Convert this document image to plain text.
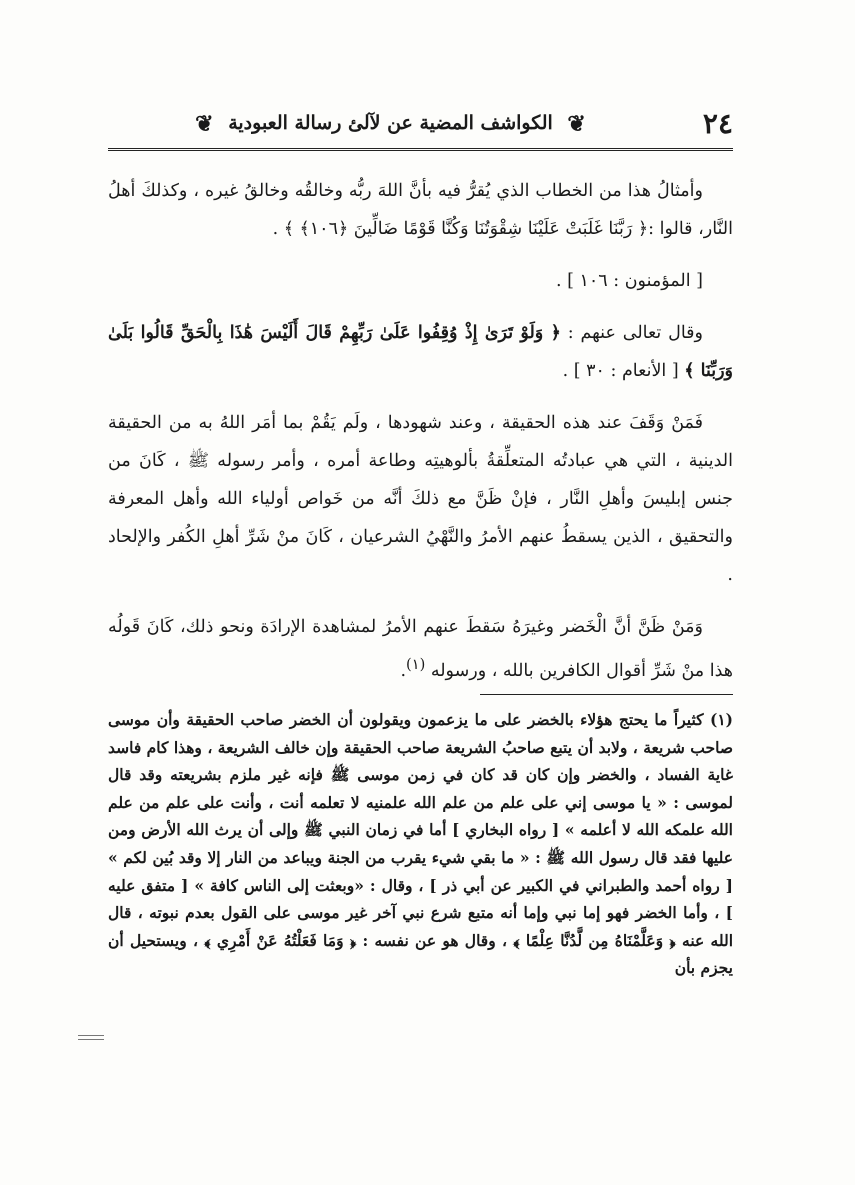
٢٤
❦ الكواشف المضية عن لآلئ رسالة العبودية ❦

وأمثالُ هذا من الخطاب الذي يُقرُّ فيه بأنَّ اللهَ ربُّه وخالقُه وخالقُ غيره ، وكذلكَ أهلُ النَّار، قالوا :﴿ رَبَّنَا غَلَبَتْ عَلَيْنَا شِقْوَتُنَا وَكُنَّا قَوْمًا ضَالِّينَ ﴿١٠٦﴾ ﴾ .

[ المؤمنون : ١٠٦ ] .

وقال تعالى عنهم : ﴿ وَلَوْ تَرَىٰ إِذْ وُقِفُوا عَلَىٰ رَبِّهِمْ قَالَ أَلَيْسَ هَٰذَا بِالْحَقِّ قَالُوا بَلَىٰ وَرَبِّنَا ﴾ [ الأنعام : ٣٠ ] .

فَمَنْ وَقَفَ عند هذه الحقيقة ، وعند شهودها ، ولَم يَقُمْ بما أمَر اللهُ به من الحقيقة الدينية ، التي هي عبادتُه المتعلِّقةُ بألوهيتِه وطاعة أمره ، وأمر رسوله ﷺ ، كَانَ من جنس إبليسَ وأهلِ النَّار ، فإنْ ظَنَّ مع ذلكَ أنَّه من خَواص أولياء الله وأهل المعرفة والتحقيق ، الذين يسقطُ عنهم الأمرُ والنَّهْيُ الشرعيان ، كَانَ منْ شَرِّ أهلِ الكُفر والإلحاد .

وَمَنْ ظَنَّ أنَّ الْخَضر وغيرَهُ سَقطَ عنهم الأمرُ لمشاهدة الإرادَة ونحو ذلك، كَانَ قَولُه هذا منْ شَرِّ أقوال الكافرين بالله ، ورسوله $^{(١)}$.

(١) كثيراً ما يحتج هؤلاء بالخضر على ما يزعمون ويقولون أن الخضر صاحب الحقيقة وأن موسى صاحب شريعة ، ولابد أن يتبع صاحبُ الشريعة صاحب الحقيقة وإن خالف الشريعة ، وهذا كام فاسد غاية الفساد ، والخضر وإن كان قد كان في زمن موسى ﷺ فإنه غير ملزم بشريعته وقد قال لموسى : « يا موسى إني على علم من علم الله علمنيه لا تعلمه أنت ، وأنت على علم من علم الله علمكه الله لا أعلمه » [ رواه البخاري ] أما في زمان النبي ﷺ وإلى أن يرث الله الأرض ومن عليها فقد قال رسول الله ﷺ : « ما بقي شيء يقرب من الجنة ويباعد من النار إلا وقد بُين لكم » [ رواه أحمد والطبراني في الكبير عن أبي ذر ] ، وقال : «وبعثت إلى الناس كافة » [ متفق عليه ] ، وأما الخضر فهو إما نبي وإما أنه متبع شرع نبي آخر غير موسى على القول بعدم نبوته ، قال الله عنه ﴿ وَعَلَّمْنَاهُ مِن لَّدُنَّا عِلْمًا ﴾ ، وقال هو عن نفسه : ﴿ وَمَا فَعَلْتُهُ عَنْ أَمْرِي ﴾ ، ويستحيل أن يجزم بأن
